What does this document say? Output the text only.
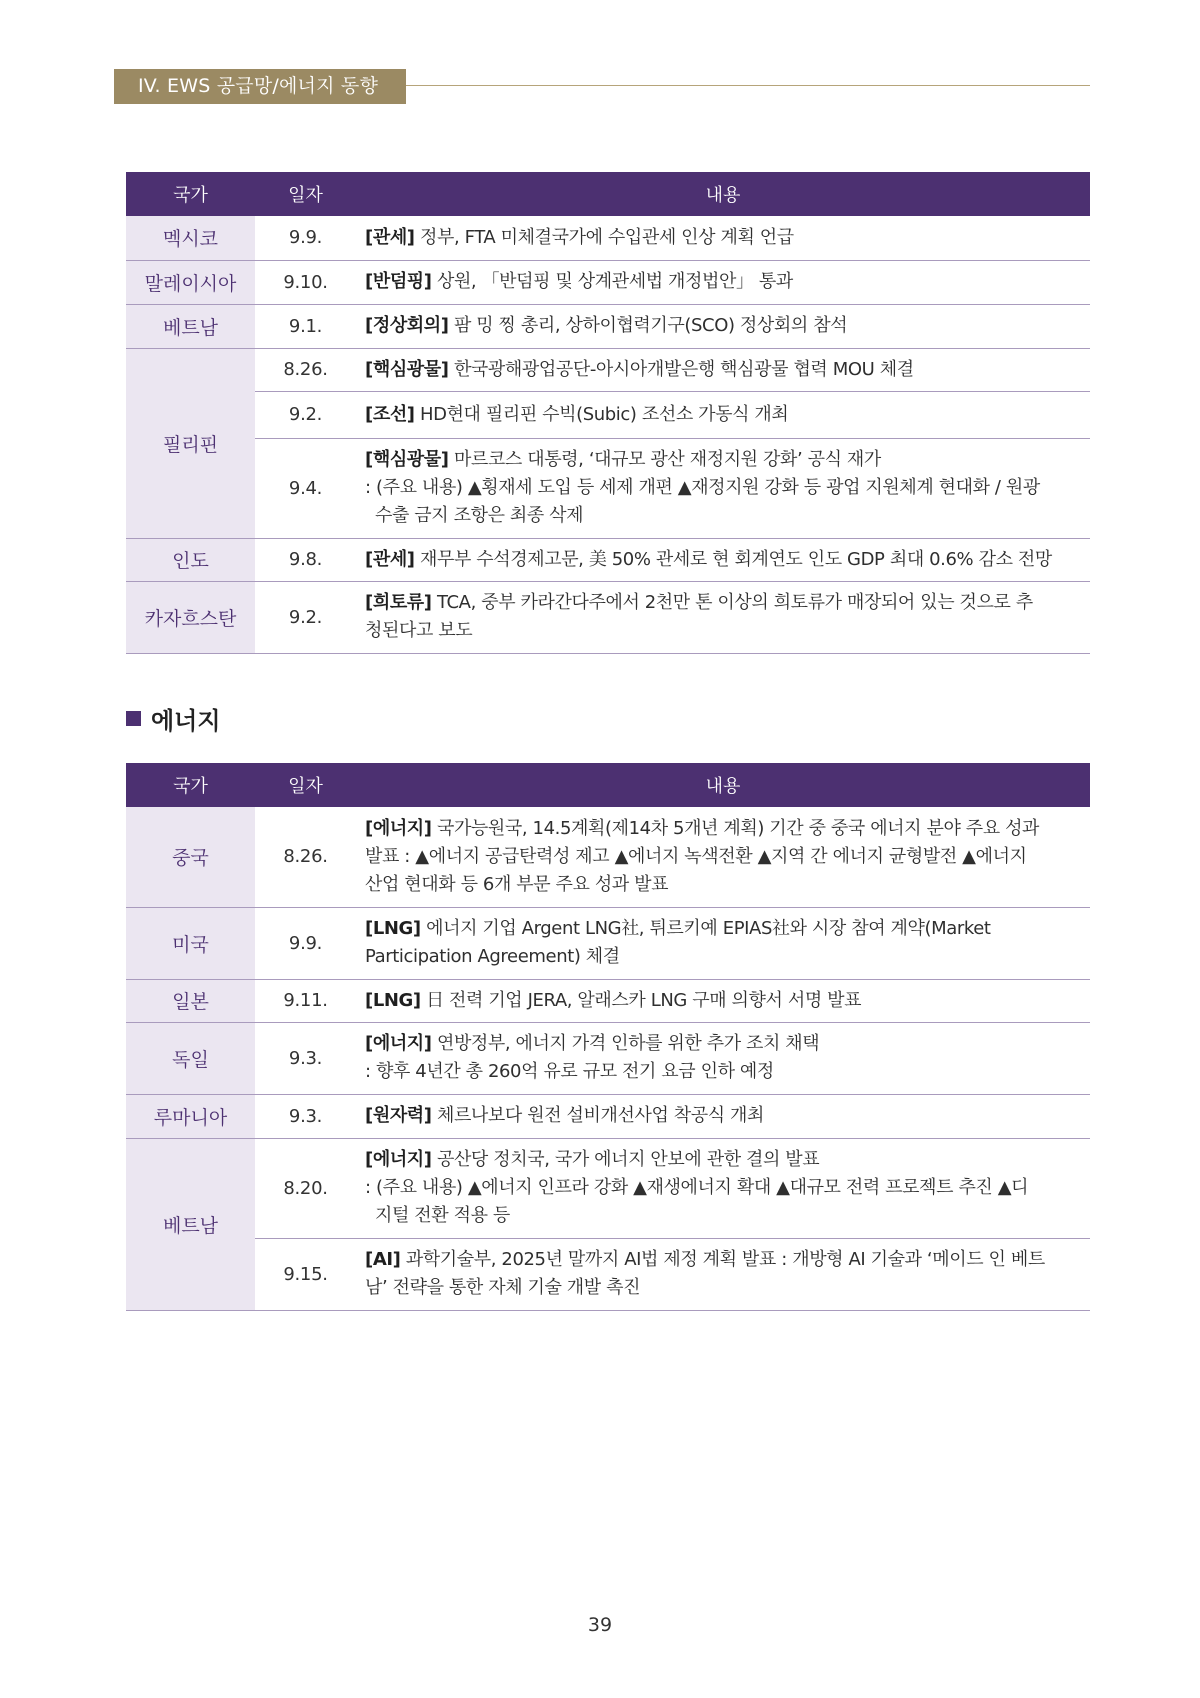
IV. EWS 공급망/에너지 동향
국가	일자	내용
멕시코	9.9.	[관세] 정부, FTA 미체결국가에 수입관세 인상 계획 언급
말레이시아	9.10.	[반덤핑] 상원, 「반덤핑 및 상계관세법 개정법안」 통과
베트남	9.1.	[정상회의] 팜 밍 찡 총리, 상하이협력기구(SCO) 정상회의 참석
필리핀	8.26.	[핵심광물] 한국광해광업공단-아시아개발은행 핵심광물 협력 MOU 체결
	9.2.	[조선] HD현대 필리핀 수빅(Subic) 조선소 가동식 개최
	9.4.	[핵심광물] 마르코스 대통령, ‘대규모 광산 재정지원 강화’ 공식 재가
: (주요 내용) ▲횡재세 도입 등 세제 개편 ▲재정지원 강화 등 광업 지원체계 현대화 / 원광
수출 금지 조항은 최종 삭제

인도	9.8.	[관세] 재무부 수석경제고문, 美 50% 관세로 현 회계연도 인도 GDP 최대 0.6% 감소 전망
카자흐스탄	9.2.	[희토류] TCA, 중부 카라간다주에서 2천만 톤 이상의 희토류가 매장되어 있는 것으로 추
청된다고 보도
에너지
국가	일자	내용
중국	8.26.	[에너지] 국가능원국, 14.5계획(제14차 5개년 계획) 기간 중 중국 에너지 분야 주요 성과
발표 : ▲에너지 공급탄력성 제고 ▲에너지 녹색전환 ▲지역 간 에너지 균형발전 ▲에너지
산업 현대화 등 6개 부문 주요 성과 발표

미국	9.9.	[LNG] 에너지 기업 Argent LNG社, 튀르키예 EPIAS社와 시장 참여 계약(Market
Participation Agreement) 체결

일본	9.11.	[LNG] 日 전력 기업 JERA, 알래스카 LNG 구매 의향서 서명 발표
독일	9.3.	[에너지] 연방정부, 에너지 가격 인하를 위한 추가 조치 채택
: 향후 4년간 총 260억 유로 규모 전기 요금 인하 예정

루마니아	9.3.	[원자력] 체르나보다 원전 설비개선사업 착공식 개최
베트남	8.20.	[에너지] 공산당 정치국, 국가 에너지 안보에 관한 결의 발표
: (주요 내용) ▲에너지 인프라 강화 ▲재생에너지 확대 ▲대규모 전력 프로젝트 추진 ▲디
지털 전환 적용 등

	9.15.	[AI] 과학기술부, 2025년 말까지 AI법 제정 계획 발표 : 개방형 AI 기술과 ‘메이드 인 베트
남’ 전략을 통한 자체 기술 개발 촉진
39
